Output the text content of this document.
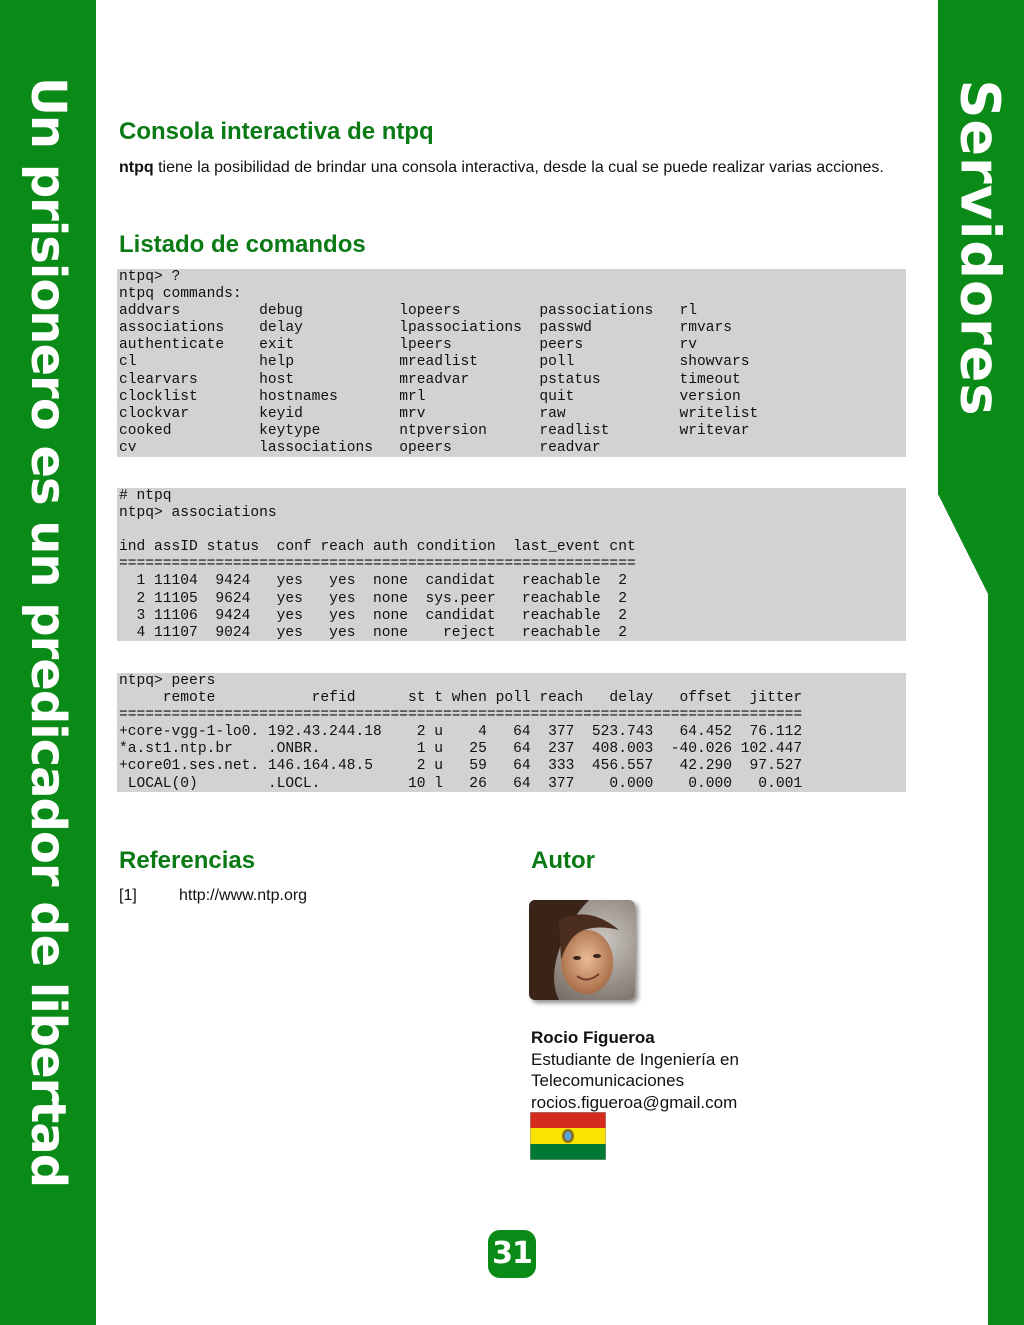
Un prisionero es un predicador de libertad	Servidores
Consola interactiva de ntpq

ntpq tiene la posibilidad de brindar una consola interactiva, desde la cual se puede realizar varias acciones.

Listado de comandos
ntpq> ?
ntpq commands:
addvars         debug           lopeers         passociations   rl
associations    delay           lpassociations  passwd          rmvars
authenticate    exit            lpeers          peers           rv
cl              help            mreadlist       poll            showvars
clearvars       host            mreadvar        pstatus         timeout
clocklist       hostnames       mrl             quit            version
clockvar        keyid           mrv             raw             writelist
cooked          keytype         ntpversion      readlist        writevar
cv              lassociations   opeers          readvar
# ntpq
ntpq> associations

ind assID status  conf reach auth condition  last_event cnt
===========================================================
1 11104  9424   yes   yes  none  candidat   reachable  2
2 11105  9624   yes   yes  none  sys.peer   reachable  2
3 11106  9424   yes   yes  none  candidat   reachable  2
4 11107  9024   yes   yes  none    reject   reachable  2
ntpq> peers
remote           refid      st t when poll reach   delay   offset  jitter
==============================================================================
+core-vgg-1-lo0. 192.43.244.18    2 u    4   64  377  523.743   64.452  76.112
*a.st1.ntp.br    .ONBR.           1 u   25   64  237  408.003  -40.026 102.447
+core01.ses.net. 146.164.48.5     2 u   59   64  333  456.557   42.290  97.527
LOCAL(0)        .LOCL.          10 l   26   64  377    0.000    0.000   0.001
Referencias
[1]	http://www.ntp.org
Autor
Rocio Figueroa
Estudiante de Ingeniería en
Telecomunicaciones
rocios.figueroa@gmail.com
31
